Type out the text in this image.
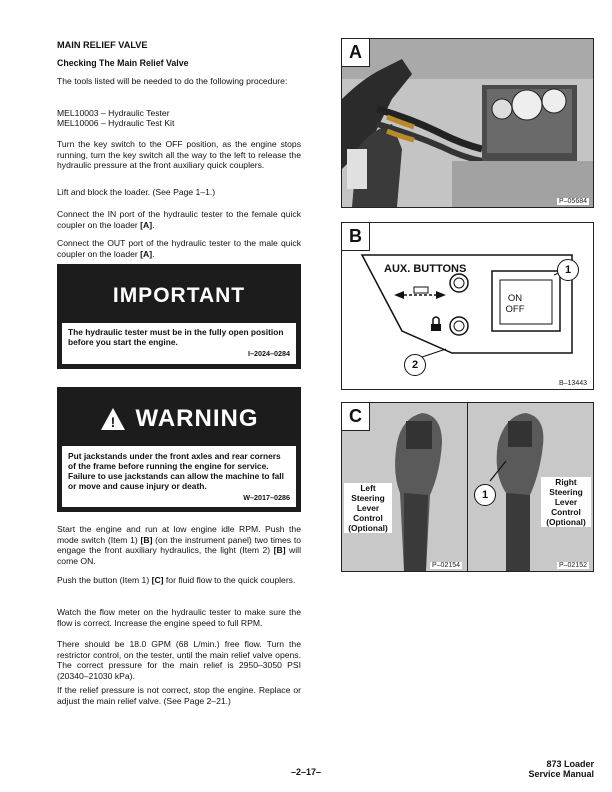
MAIN RELIEF VALVE
Checking The Main Relief Valve
The tools listed will be needed to do the following procedure:
MEL10003 – Hydraulic Tester
MEL10006 – Hydraulic Test Kit
Turn the key switch to the OFF position, as the engine stops running, turn the key switch all the way to the left to release the hydraulic pressure at the front auxiliary quick couplers.
Lift and block the loader. (See Page 1–1.)
Connect the IN port of the hydraulic tester to the female quick coupler on the loader [A].
Connect the OUT port of the hydraulic tester to the male quick coupler on the loader [A].
IMPORTANT
The hydraulic tester must be in the fully open position before you start the engine.
I–2024–0284
! WARNING
Put jackstands under the front axles and rear corners of the frame before running the engine for service. Failure to use jackstands can allow the machine to fall or move and cause injury or death.
W–2017–0286
Start the engine and run at low engine idle RPM. Push the mode switch (Item 1) [B] (on the instrument panel) two times to engage the front auxiliary hydraulics, the light (Item 2) [B] will come ON.
Push the button (Item 1) [C] for fluid flow to the quick couplers.
Watch the flow meter on the hydraulic tester to make sure the flow is correct. Increase the engine speed to full RPM.
There should be 18.0 GPM (68 L/min.) free flow. Turn the restrictor control, on the tester, until the main relief valve opens. The correct pressure for the main relief is 2950–3050 PSI (20340–21030 kPa).
If the relief pressure is not correct, stop the engine. Replace or adjust the main relief valve. (See Page 2–21.)
A
P–05684
B
AUX. BUTTONS
ON
OFF
1
2
B–13443
C
Left
Steering
Lever
Control
(Optional)
Right
Steering
Lever
Control
(Optional)
1
P–02154	P–02152
–2–17–
873 Loader
Service Manual
